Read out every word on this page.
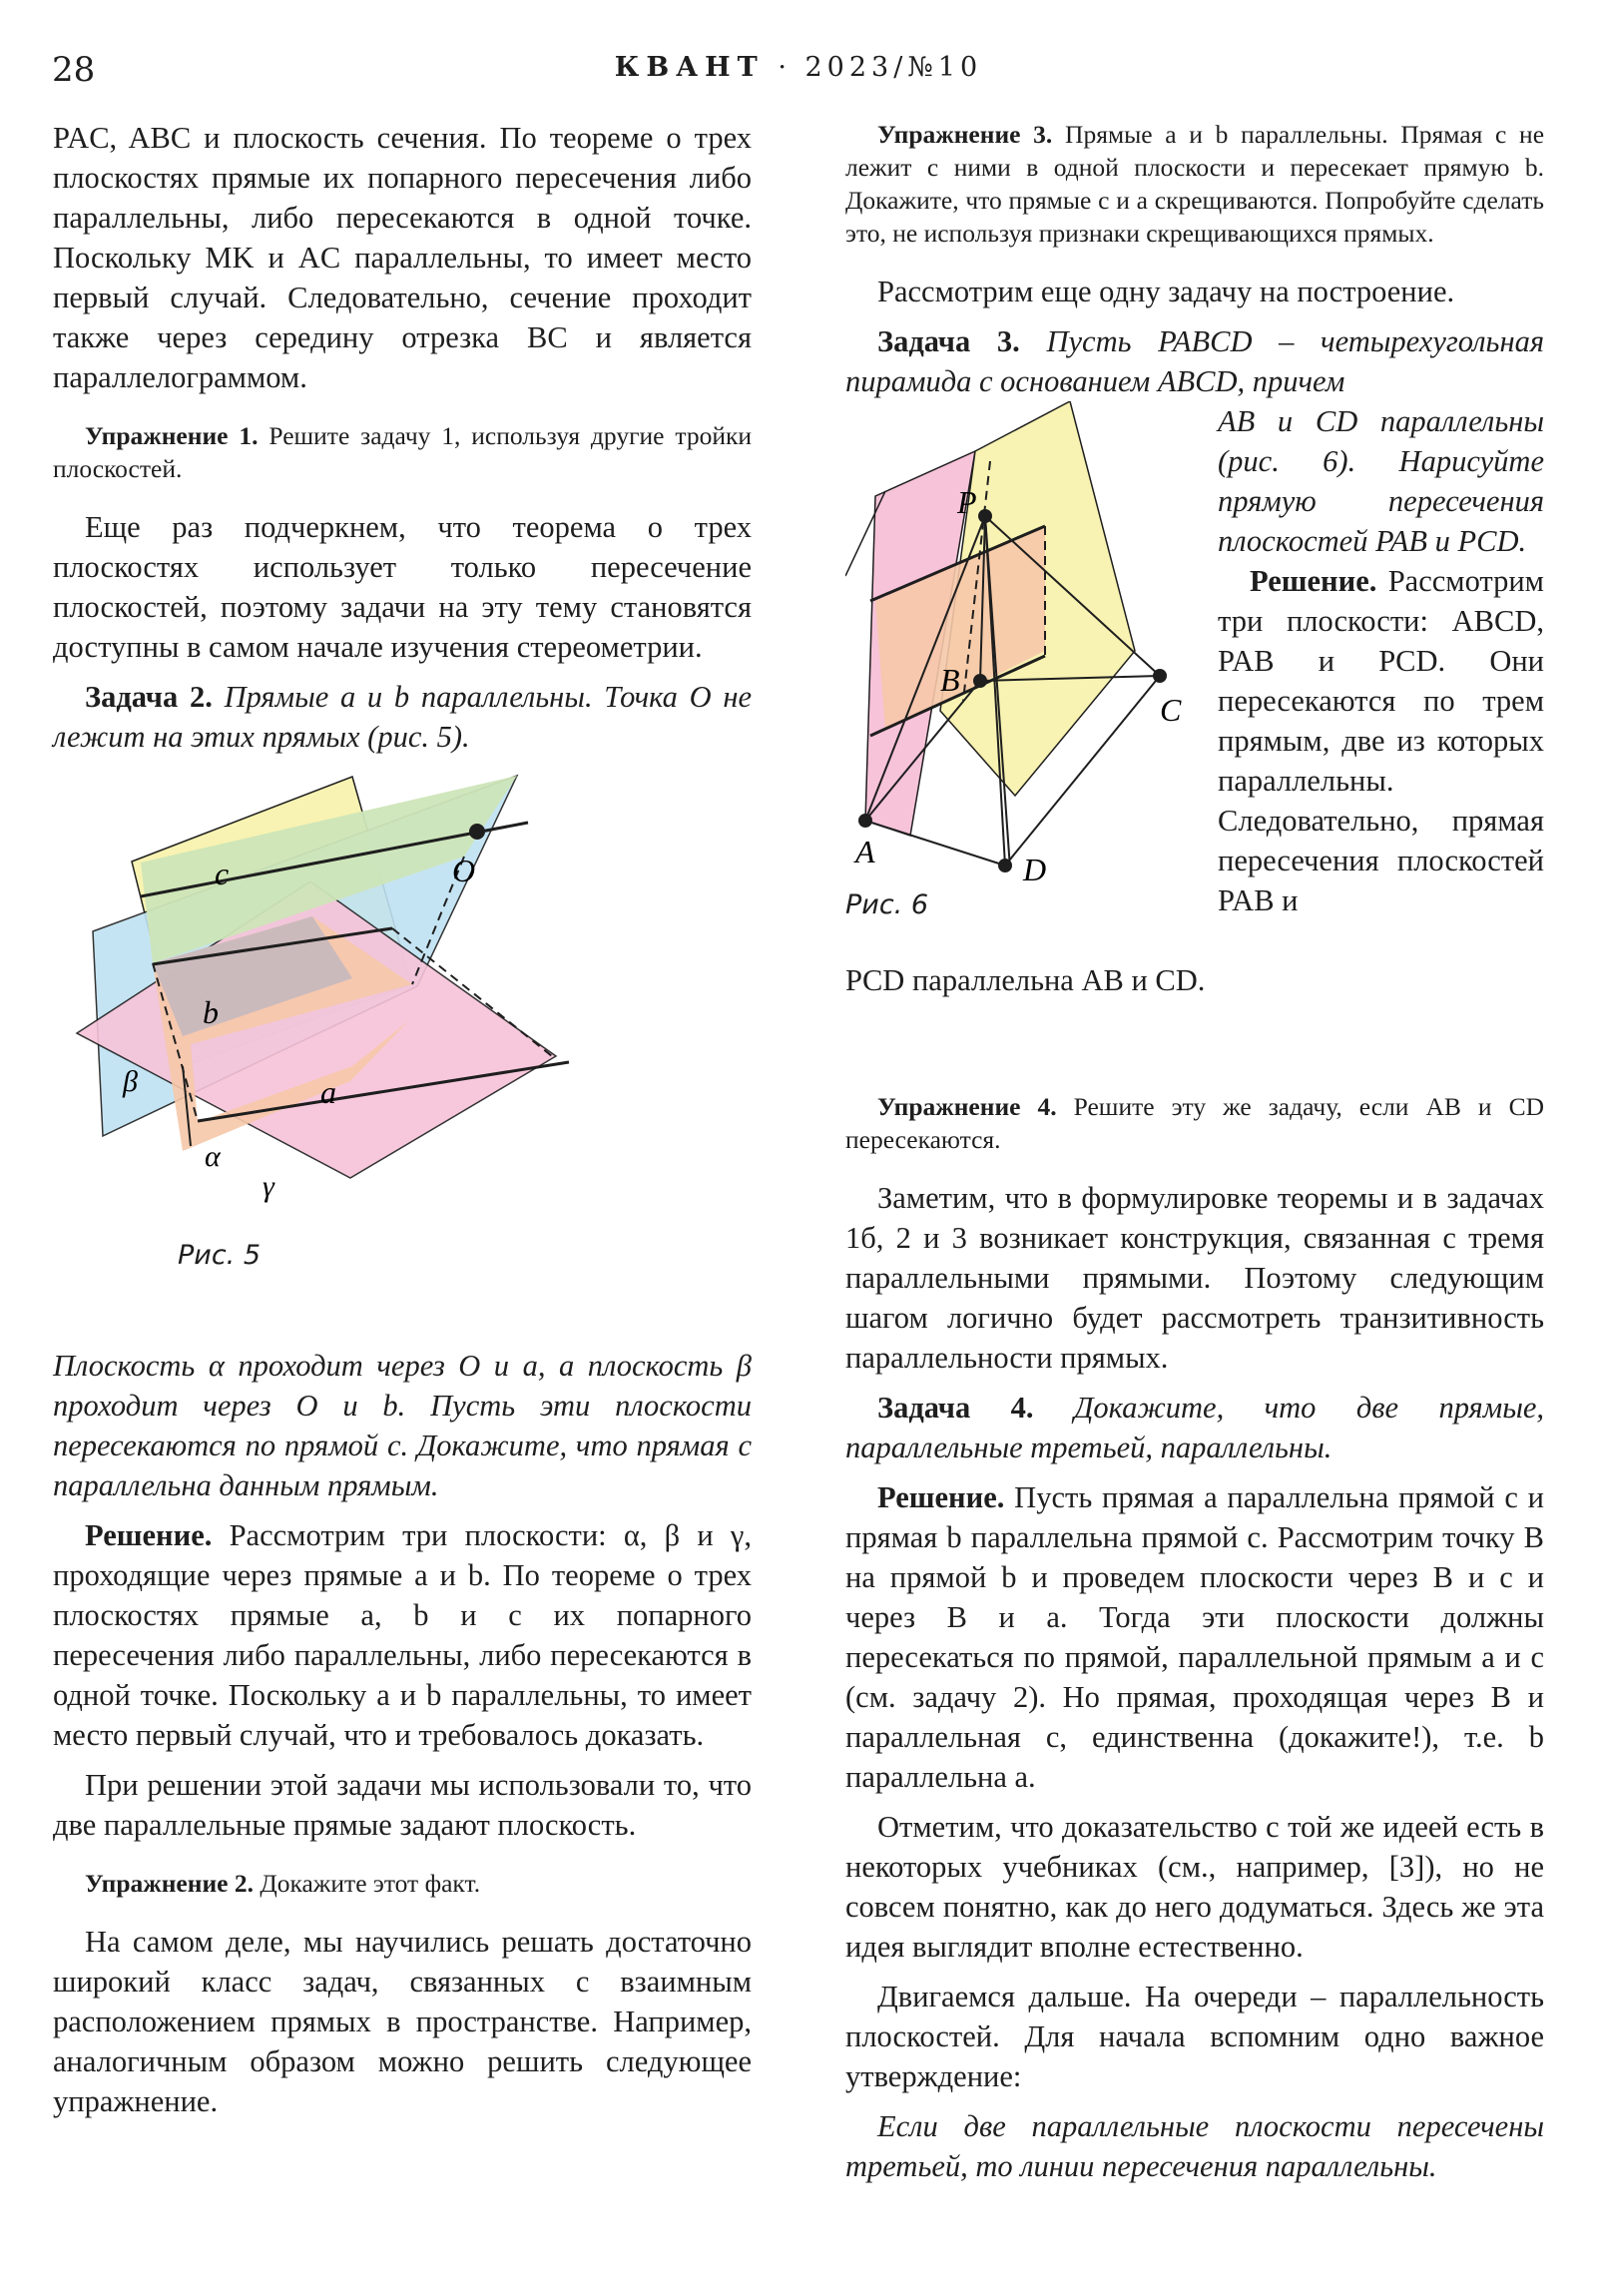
28	КВАНТ · 2023/№10

PAC, ABC и плоскость сечения. По теореме о трех плоскостях прямые их попарного пересечения либо параллельны, либо пересекаются в одной точке. Поскольку MK и AC параллельны, то имеет место первый случай. Следовательно, сечение проходит также через середину отрезка BC и является параллелограммом.

Упражнение 1. Решите задачу 1, используя другие тройки плоскостей.

Еще раз подчеркнем, что теорема о трех плоскостях использует только пересечение плоскостей, поэтому задачи на эту тему становятся доступны в самом начале изучения стереометрии.

Задача 2. Прямые a и b параллельны. Точка O не лежит на этих прямых (рис. 5).

c	O
b
a
β
α
γ
Рис. 5

Плоскость α проходит через O и a, а плоскость β проходит через O и b. Пусть эти плоскости пересекаются по прямой c. Докажите, что прямая c параллельна данным прямым.

Решение. Рассмотрим три плоскости: α, β и γ, проходящие через прямые a и b. По теореме о трех плоскостях прямые a, b и c их попарного пересечения либо параллельны, либо пересекаются в одной точке. Поскольку a и b параллельны, то имеет место первый случай, что и требовалось доказать.

При решении этой задачи мы использовали то, что две параллельные прямые задают плоскость.

Упражнение 2. Докажите этот факт.

На самом деле, мы научились решать достаточно широкий класс задач, связанных с взаимным расположением прямых в пространстве. Например, аналогичным образом можно решить следующее упражнение.

Упражнение 3. Прямые a и b параллельны. Прямая c не лежит с ними в одной плоскости и пересекает прямую b. Докажите, что прямые c и a скрещиваются. Попробуйте сделать это, не используя признаки скрещивающихся прямых.

Рассмотрим еще одну задачу на построение.

Задача 3. Пусть PABCD – четырехугольная пирамида с основанием ABCD, причем

P
B
C
A	D
Рис. 6

AB и CD параллельны (рис. 6). Нарисуйте прямую пересечения плоскостей PAB и PCD.

Решение. Рассмотрим три плоскости: ABCD, PAB и PCD. Они пересекаются по трем прямым, две из которых параллельны. Следовательно, прямая пересечения плоскостей PAB и

PCD параллельна AB и CD.

Упражнение 4. Решите эту же задачу, если AB и CD пересекаются.

Заметим, что в формулировке теоремы и в задачах 1б, 2 и 3 возникает конструкция, связанная с тремя параллельными прямыми. Поэтому следующим шагом логично будет рассмотреть транзитивность параллельности прямых.

Задача 4. Докажите, что две прямые, параллельные третьей, параллельны.

Решение. Пусть прямая a параллельна прямой c и прямая b параллельна прямой c. Рассмотрим точку B на прямой b и проведем плоскости через B и c и через B и a. Тогда эти плоскости должны пересекаться по прямой, параллельной прямым a и c (см. задачу 2). Но прямая, проходящая через B и параллельная c, единственна (докажите!), т.е. b параллельна a.

Отметим, что доказательство с той же идеей есть в некоторых учебниках (см., например, [3]), но не совсем понятно, как до него додуматься. Здесь же эта идея выглядит вполне естественно.

Двигаемся дальше. На очереди – параллельность плоскостей. Для начала вспомним одно важное утверждение:

Если две параллельные плоскости пересечены третьей, то линии пересечения параллельны.
